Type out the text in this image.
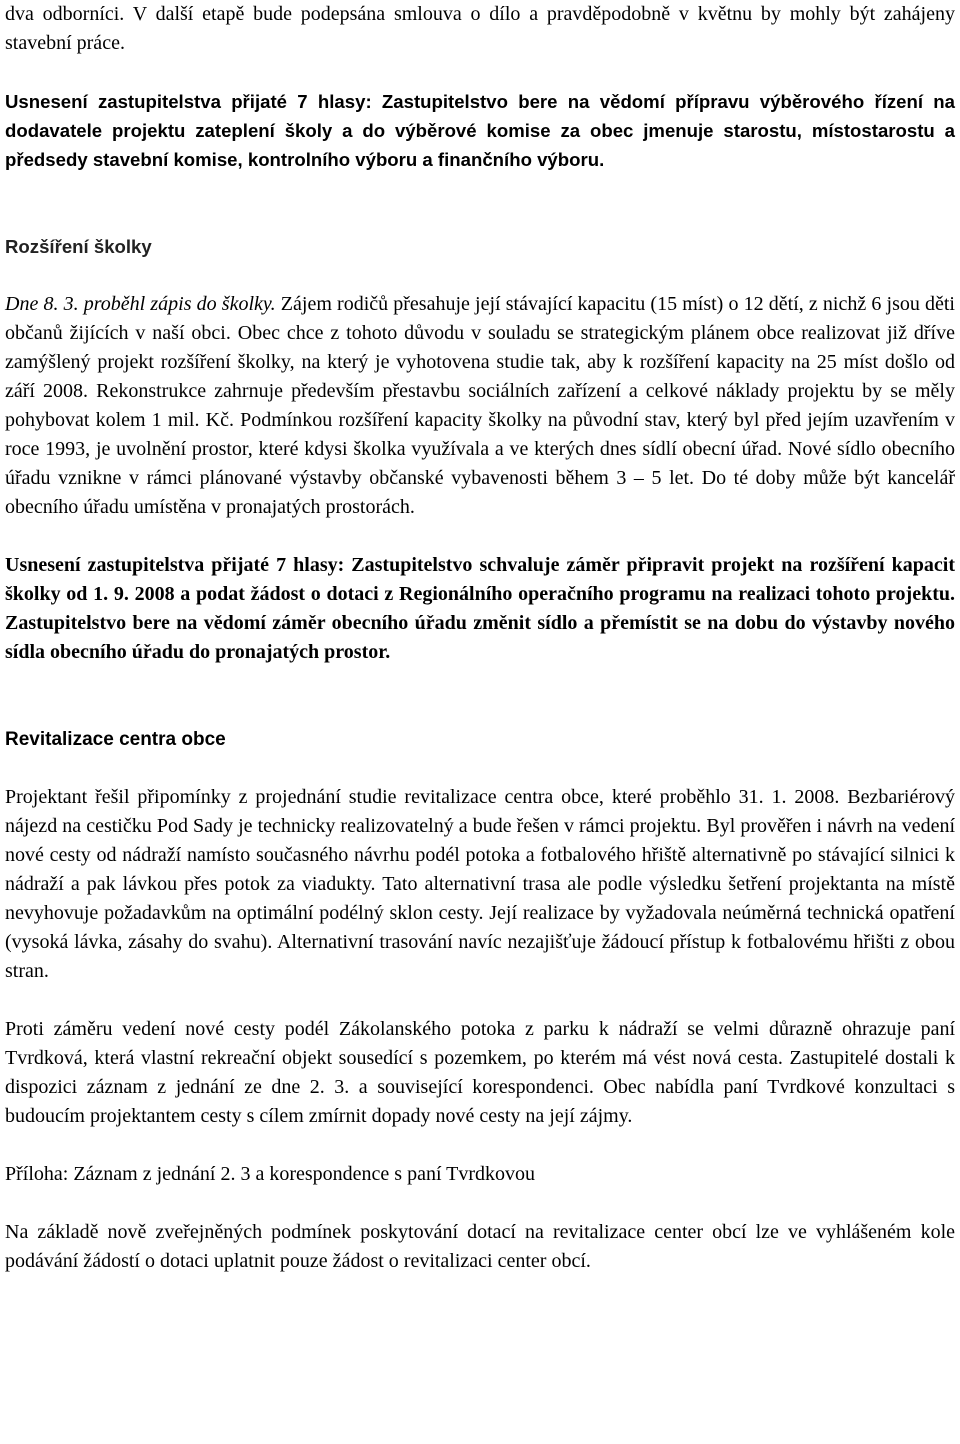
dva odborníci. V další etapě bude podepsána smlouva o dílo a pravděpodobně v květnu by mohly být zahájeny stavební práce.

Usnesení zastupitelstva přijaté 7 hlasy: Zastupitelstvo bere na vědomí přípravu výběrového řízení na dodavatele projektu zateplení školy a do výběrové komise za obec jmenuje starostu, místostarostu a předsedy stavební komise, kontrolního výboru a finančního výboru.

Rozšíření školky

Dne 8. 3. proběhl zápis do školky. Zájem rodičů přesahuje její stávající kapacitu (15 míst) o 12 dětí, z nichž 6 jsou děti občanů žijících v naší obci. Obec chce z tohoto důvodu v souladu se strategickým plánem obce realizovat již dříve zamýšlený projekt rozšíření školky, na který je vyhotovena studie tak, aby k rozšíření kapacity na 25 míst došlo od září 2008. Rekonstrukce zahrnuje především přestavbu sociálních zařízení a celkové náklady projektu by se měly pohybovat kolem 1 mil. Kč. Podmínkou rozšíření kapacity školky na původní stav, který byl před jejím uzavřením v roce 1993, je uvolnění prostor, které kdysi školka využívala a ve kterých dnes sídlí obecní úřad. Nové sídlo obecního úřadu vznikne v rámci plánované výstavby občanské vybavenosti během 3 – 5 let. Do té doby může být kancelář obecního úřadu umístěna v pronajatých prostorách.

Usnesení zastupitelstva přijaté 7 hlasy: Zastupitelstvo schvaluje záměr připravit projekt na rozšíření kapacit školky od 1. 9. 2008 a podat žádost o dotaci z Regionálního operačního programu na realizaci tohoto projektu. Zastupitelstvo bere na vědomí záměr obecního úřadu změnit sídlo a přemístit se na dobu do výstavby nového sídla obecního úřadu do pronajatých prostor.

Revitalizace centra obce

Projektant řešil připomínky z projednání studie revitalizace centra obce, které proběhlo 31. 1. 2008. Bezbariérový nájezd na cestičku Pod Sady je technicky realizovatelný a bude řešen v rámci projektu. Byl prověřen i návrh na vedení nové cesty od nádraží namísto současného návrhu podél potoka a fotbalového hřiště alternativně po stávající silnici k nádraží a pak lávkou přes potok za viadukty. Tato alternativní trasa ale podle výsledku šetření projektanta na místě nevyhovuje požadavkům na optimální podélný sklon cesty. Její realizace by vyžadovala neúměrná technická opatření (vysoká lávka, zásahy do svahu). Alternativní trasování navíc nezajišťuje žádoucí přístup k fotbalovému hřišti z obou stran.

Proti záměru vedení nové cesty podél Zákolanského potoka z parku k nádraží se velmi důrazně ohrazuje paní Tvrdková, která vlastní rekreační objekt sousedící s pozemkem, po kterém má vést nová cesta. Zastupitelé dostali k dispozici záznam z jednání ze dne 2. 3. a související korespondenci. Obec nabídla paní Tvrdkové konzultaci s budoucím projektantem cesty s cílem zmírnit dopady nové cesty na její zájmy.

Příloha: Záznam z jednání 2. 3 a korespondence s paní Tvrdkovou

Na základě nově zveřejněných podmínek poskytování dotací na revitalizace center obcí lze ve vyhlášeném kole podávání žádostí o dotaci uplatnit pouze žádost o revitalizaci center obcí.
